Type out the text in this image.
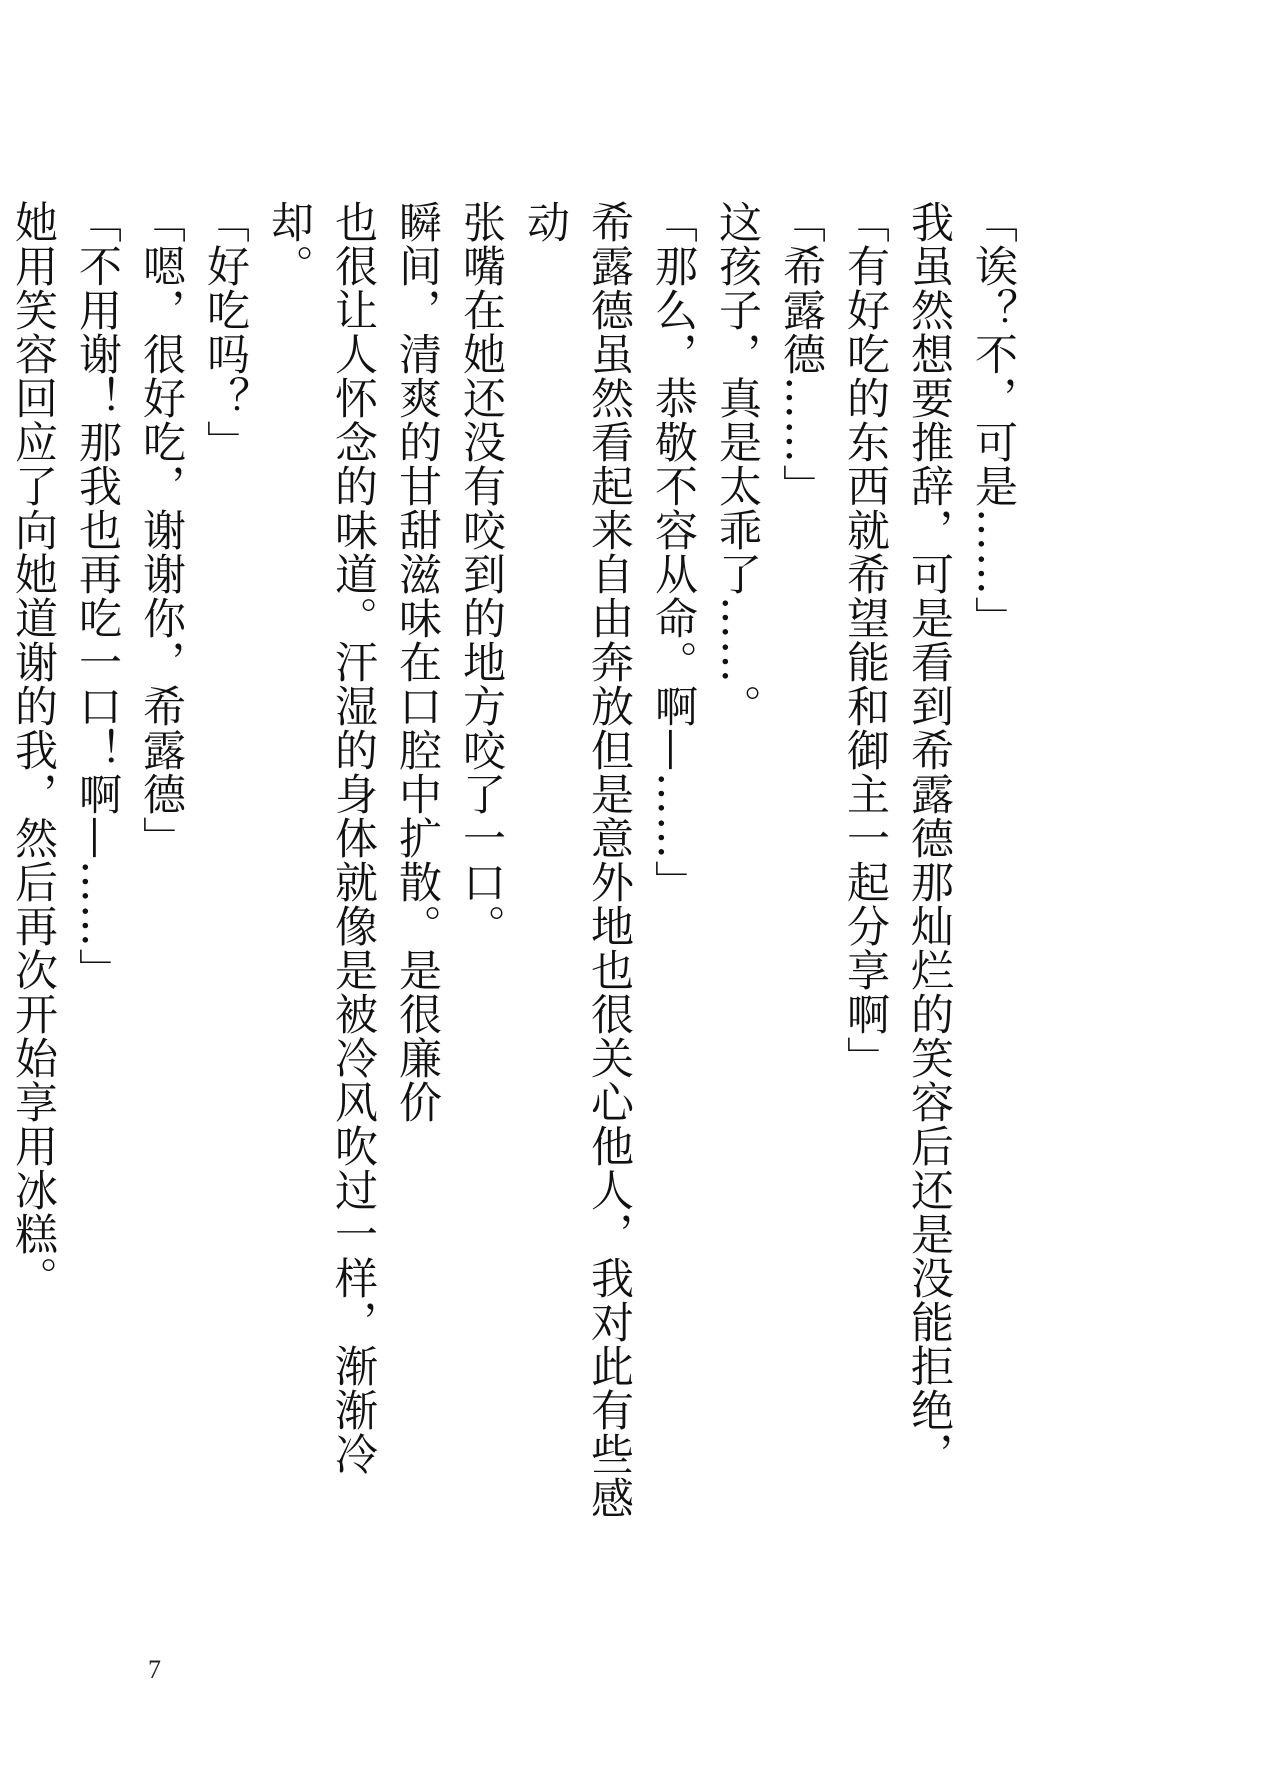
「诶？不，可是……」

我虽然想要推辞，可是看到希露德那灿烂的笑容后还是没能拒绝，

「有好吃的东西就希望能和御主一起分享啊」

「希露德……」

这孩子，真是太乖了……。

「那么，恭敬不容从命。啊—……」

希露德虽然看起来自由奔放但是意外地也很关心他人，我对此有些感动

张嘴在她还没有咬到的地方咬了一口。

瞬间，清爽的甘甜滋味在口腔中扩散。是很廉价

也很让人怀念的味道。汗湿的身体就像是被冷风吹过一样，渐渐冷却。

「好吃吗？」

「嗯，很好吃，谢谢你，希露德」

「不用谢！那我也再吃一口！啊—……」

她用笑容回应了向她道谢的我，然后再次开始享用冰糕。

7
